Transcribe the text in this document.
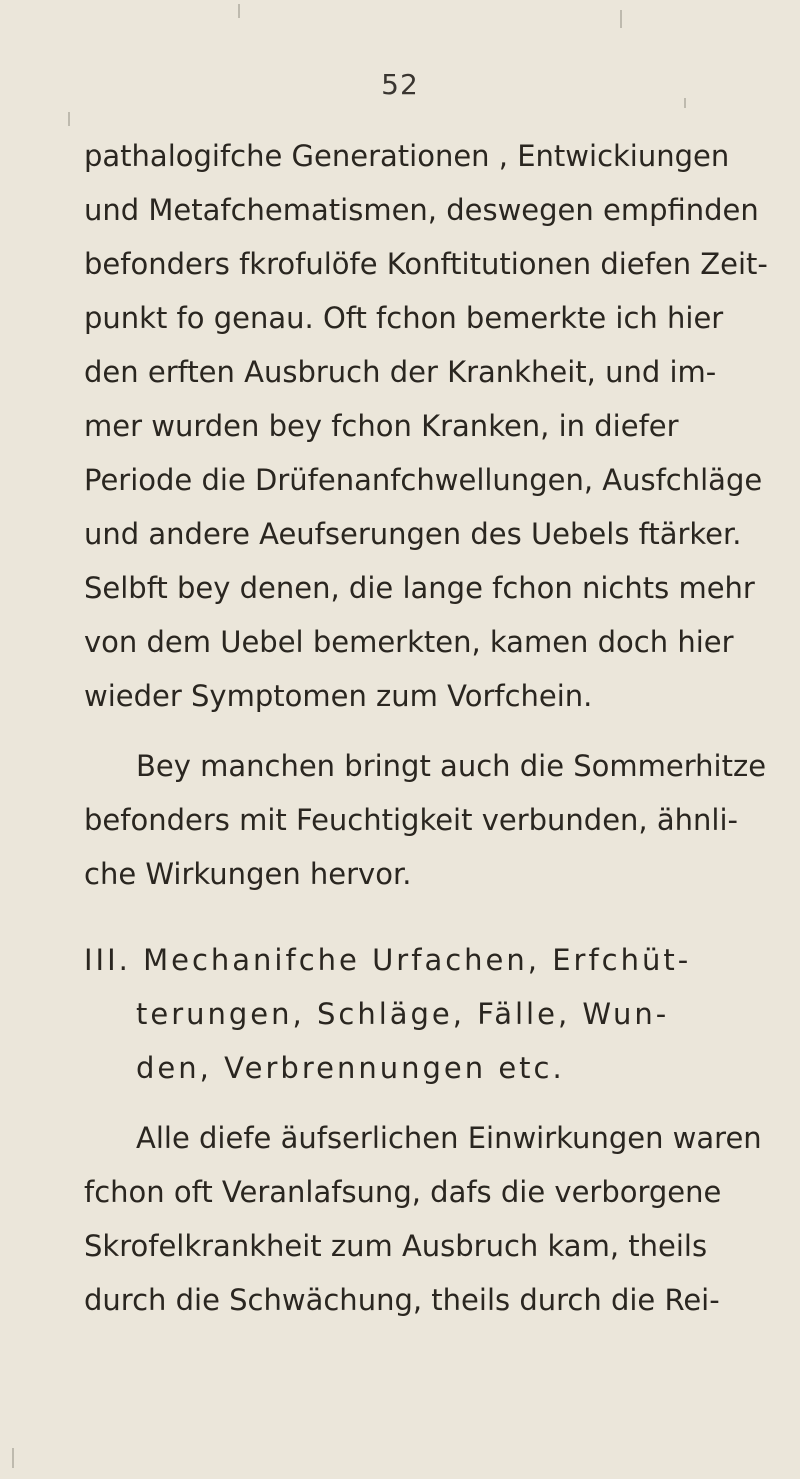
52
pathalogifche Generationen , Entwickiungen
und Metafchematismen, deswegen empfinden
befonders fkrofulöfe Konftitutionen diefen Zeit-
punkt fo genau. Oft fchon bemerkte ich hier
den erften Ausbruch der Krankheit, und im-
mer wurden bey fchon Kranken, in diefer
Periode die Drüfenanfchwellungen, Ausfchläge
und andere Aeufserungen des Uebels ftärker.
Selbft bey denen, die lange fchon nichts mehr
von dem Uebel bemerkten, kamen doch hier
wieder Symptomen zum Vorfchein.
Bey manchen bringt auch die Sommerhitze
befonders mit Feuchtigkeit verbunden, ähnli-
che Wirkungen hervor.
III. Mechanifche Urfachen, Erfchüt-
terungen, Schläge, Fälle, Wun-
den, Verbrennungen etc.
Alle diefe äufserlichen Einwirkungen waren
fchon oft Veranlafsung, dafs die verborgene
Skrofelkrankheit zum Ausbruch kam, theils
durch die Schwächung, theils durch die Rei-
